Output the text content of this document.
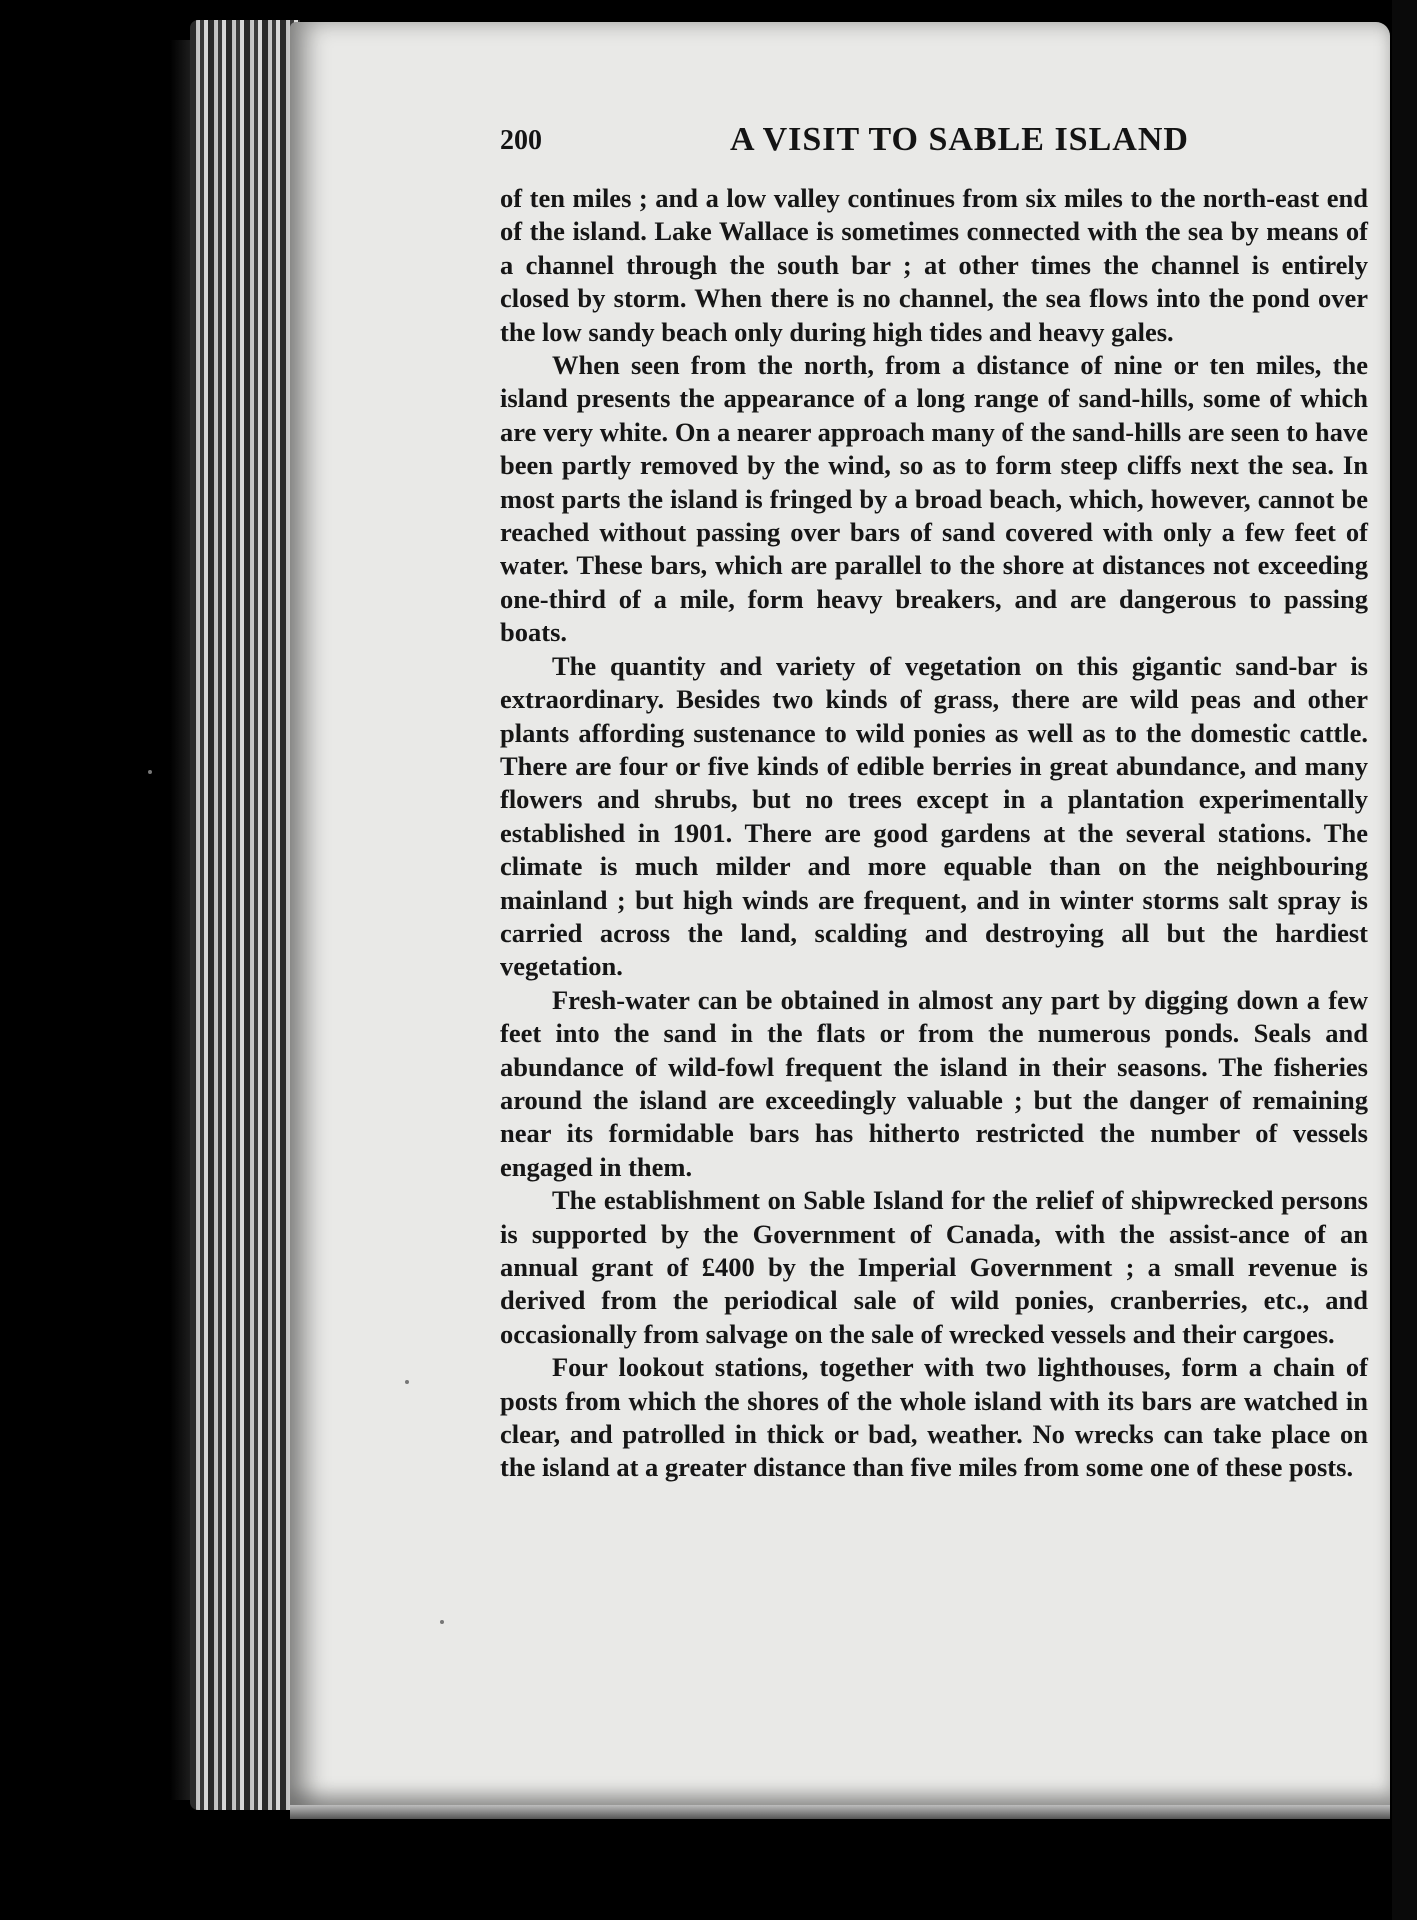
200	A VISIT TO SABLE ISLAND

of ten miles ; and a low valley continues from six miles to the north-east end of the island. Lake Wallace is sometimes connected with the sea by means of a channel through the south bar ; at other times the channel is entirely closed by storm. When there is no channel, the sea flows into the pond over the low sandy beach only during high tides and heavy gales.

When seen from the north, from a distance of nine or ten miles, the island presents the appearance of a long range of sand-hills, some of which are very white. On a nearer approach many of the sand-hills are seen to have been partly removed by the wind, so as to form steep cliffs next the sea. In most parts the island is fringed by a broad beach, which, however, cannot be reached without passing over bars of sand covered with only a few feet of water. These bars, which are parallel to the shore at distances not exceeding one-third of a mile, form heavy breakers, and are dangerous to passing boats.

The quantity and variety of vegetation on this gigantic sand-bar is extraordinary. Besides two kinds of grass, there are wild peas and other plants affording sustenance to wild ponies as well as to the domestic cattle. There are four or five kinds of edible berries in great abundance, and many flowers and shrubs, but no trees except in a plantation experimentally established in 1901. There are good gardens at the several stations. The climate is much milder and more equable than on the neighbouring mainland ; but high winds are frequent, and in winter storms salt spray is carried across the land, scalding and destroying all but the hardiest vegetation.

Fresh-water can be obtained in almost any part by digging down a few feet into the sand in the flats or from the numerous ponds. Seals and abundance of wild-fowl frequent the island in their seasons. The fisheries around the island are exceedingly valuable ; but the danger of remaining near its formidable bars has hitherto restricted the number of vessels engaged in them.

The establishment on Sable Island for the relief of shipwrecked persons is supported by the Government of Canada, with the assist-ance of an annual grant of £400 by the Imperial Government ; a small revenue is derived from the periodical sale of wild ponies, cranberries, etc., and occasionally from salvage on the sale of wrecked vessels and their cargoes.

Four lookout stations, together with two lighthouses, form a chain of posts from which the shores of the whole island with its bars are watched in clear, and patrolled in thick or bad, weather. No wrecks can take place on the island at a greater distance than five miles from some one of these posts.
